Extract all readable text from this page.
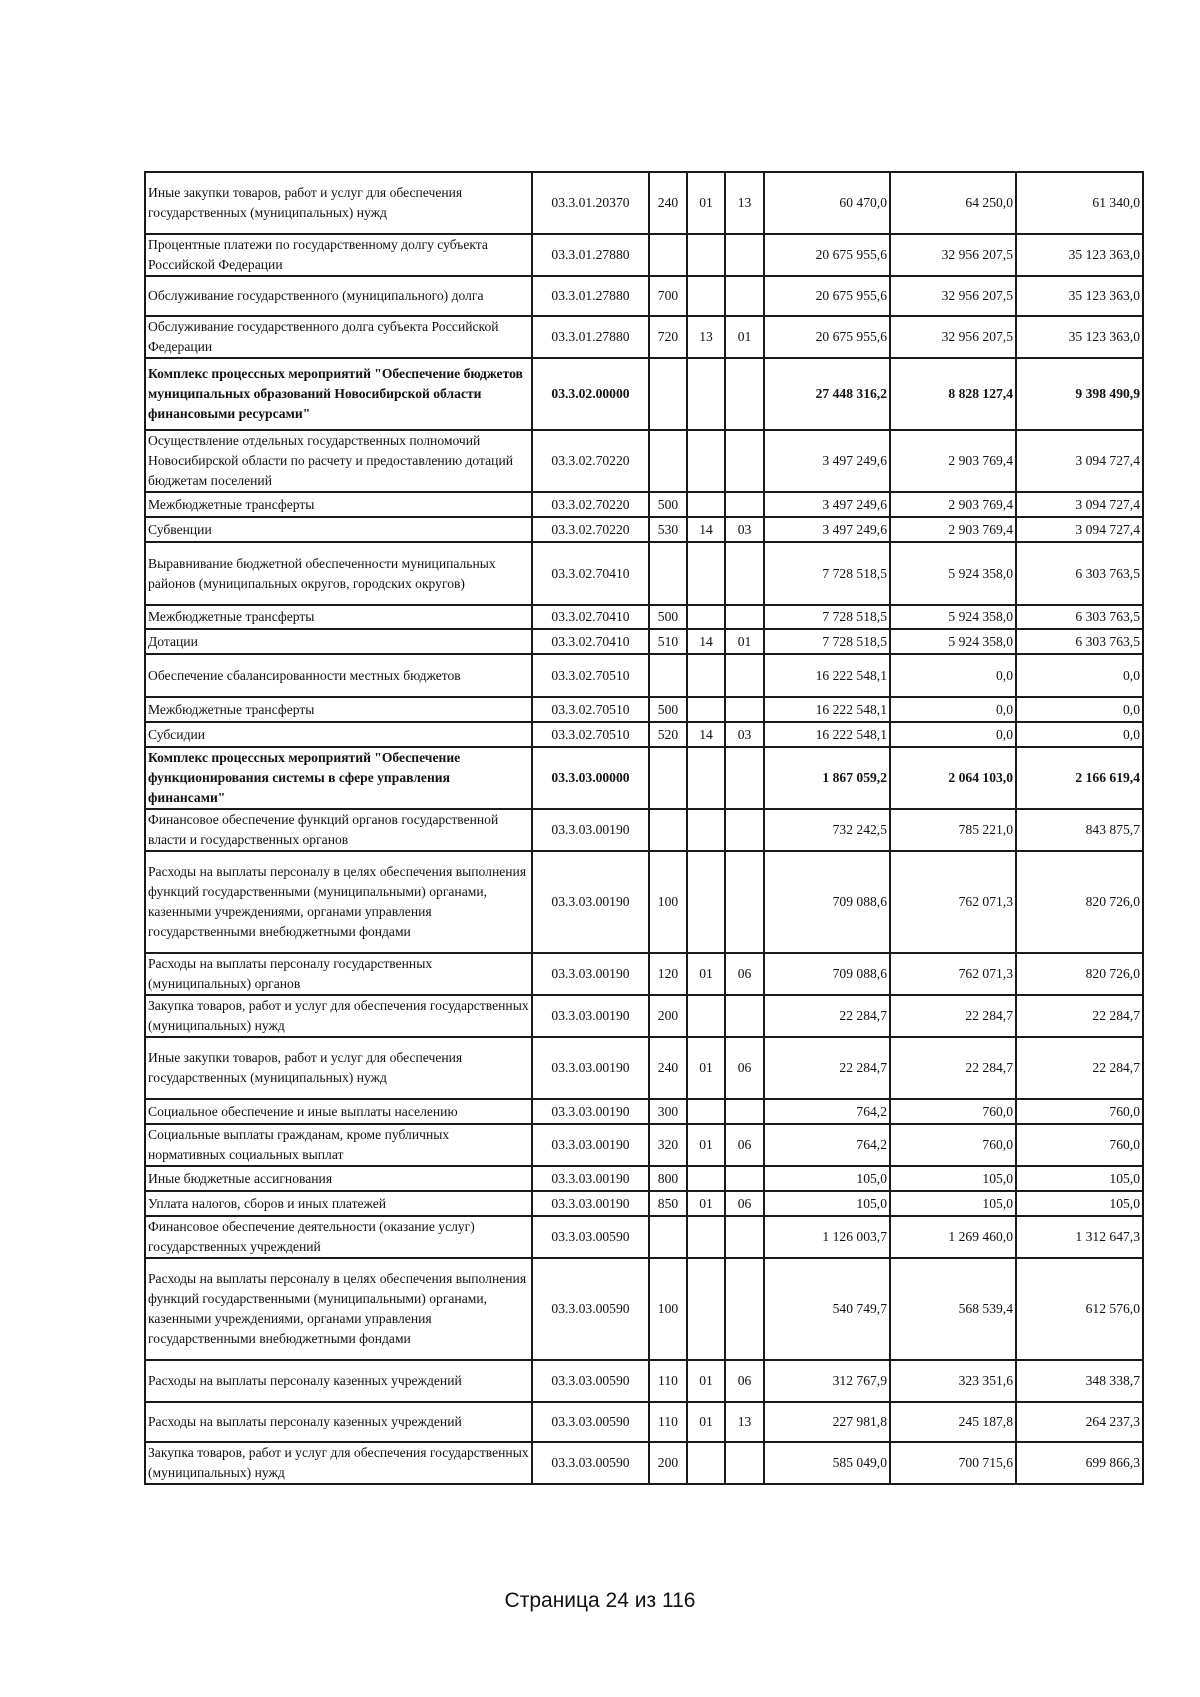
Иные закупки товаров, работ и услуг для обеспечения государственных (муниципальных) нужд	03.3.01.20370	240	01	13	60 470,0	64 250,0	61 340,0
Процентные платежи по государственному долгу субъекта Российской Федерации	03.3.01.27880				20 675 955,6	32 956 207,5	35 123 363,0
Обслуживание государственного (муниципального) долга	03.3.01.27880	700			20 675 955,6	32 956 207,5	35 123 363,0
Обслуживание государственного долга субъекта Российской Федерации	03.3.01.27880	720	13	01	20 675 955,6	32 956 207,5	35 123 363,0
Комплекс процессных мероприятий "Обеспечение бюджетов муниципальных образований Новосибирской области финансовыми ресурсами"	03.3.02.00000				27 448 316,2	8 828 127,4	9 398 490,9
Осуществление отдельных государственных полномочий Новосибирской области по расчету и предоставлению дотаций бюджетам поселений	03.3.02.70220				3 497 249,6	2 903 769,4	3 094 727,4
Межбюджетные трансферты	03.3.02.70220	500			3 497 249,6	2 903 769,4	3 094 727,4
Субвенции	03.3.02.70220	530	14	03	3 497 249,6	2 903 769,4	3 094 727,4
Выравнивание бюджетной обеспеченности муниципальных районов (муниципальных округов, городских округов)	03.3.02.70410				7 728 518,5	5 924 358,0	6 303 763,5
Межбюджетные трансферты	03.3.02.70410	500			7 728 518,5	5 924 358,0	6 303 763,5
Дотации	03.3.02.70410	510	14	01	7 728 518,5	5 924 358,0	6 303 763,5
Обеспечение сбалансированности местных бюджетов	03.3.02.70510				16 222 548,1	0,0	0,0
Межбюджетные трансферты	03.3.02.70510	500			16 222 548,1	0,0	0,0
Субсидии	03.3.02.70510	520	14	03	16 222 548,1	0,0	0,0
Комплекс процессных мероприятий "Обеспечение функционирования системы в сфере управления финансами"	03.3.03.00000				1 867 059,2	2 064 103,0	2 166 619,4
Финансовое обеспечение функций органов государственной власти и государственных органов	03.3.03.00190				732 242,5	785 221,0	843 875,7
Расходы на выплаты персоналу в целях обеспечения выполнения функций государственными (муниципальными) органами, казенными учреждениями, органами управления государственными внебюджетными фондами	03.3.03.00190	100			709 088,6	762 071,3	820 726,0
Расходы на выплаты персоналу государственных (муниципальных) органов	03.3.03.00190	120	01	06	709 088,6	762 071,3	820 726,0
Закупка товаров, работ и услуг для обеспечения государственных (муниципальных) нужд	03.3.03.00190	200			22 284,7	22 284,7	22 284,7
Иные закупки товаров, работ и услуг для обеспечения государственных (муниципальных) нужд	03.3.03.00190	240	01	06	22 284,7	22 284,7	22 284,7
Социальное обеспечение и иные выплаты населению	03.3.03.00190	300			764,2	760,0	760,0
Социальные выплаты гражданам, кроме публичных нормативных социальных выплат	03.3.03.00190	320	01	06	764,2	760,0	760,0
Иные бюджетные ассигнования	03.3.03.00190	800			105,0	105,0	105,0
Уплата налогов, сборов и иных платежей	03.3.03.00190	850	01	06	105,0	105,0	105,0
Финансовое обеспечение деятельности (оказание услуг) государственных учреждений	03.3.03.00590				1 126 003,7	1 269 460,0	1 312 647,3
Расходы на выплаты персоналу в целях обеспечения выполнения функций государственными (муниципальными) органами, казенными учреждениями, органами управления государственными внебюджетными фондами	03.3.03.00590	100			540 749,7	568 539,4	612 576,0
Расходы на выплаты персоналу казенных учреждений	03.3.03.00590	110	01	06	312 767,9	323 351,6	348 338,7
Расходы на выплаты персоналу казенных учреждений	03.3.03.00590	110	01	13	227 981,8	245 187,8	264 237,3
Закупка товаров, работ и услуг для обеспечения государственных (муниципальных) нужд	03.3.03.00590	200			585 049,0	700 715,6	699 866,3
Страница 24 из 116
